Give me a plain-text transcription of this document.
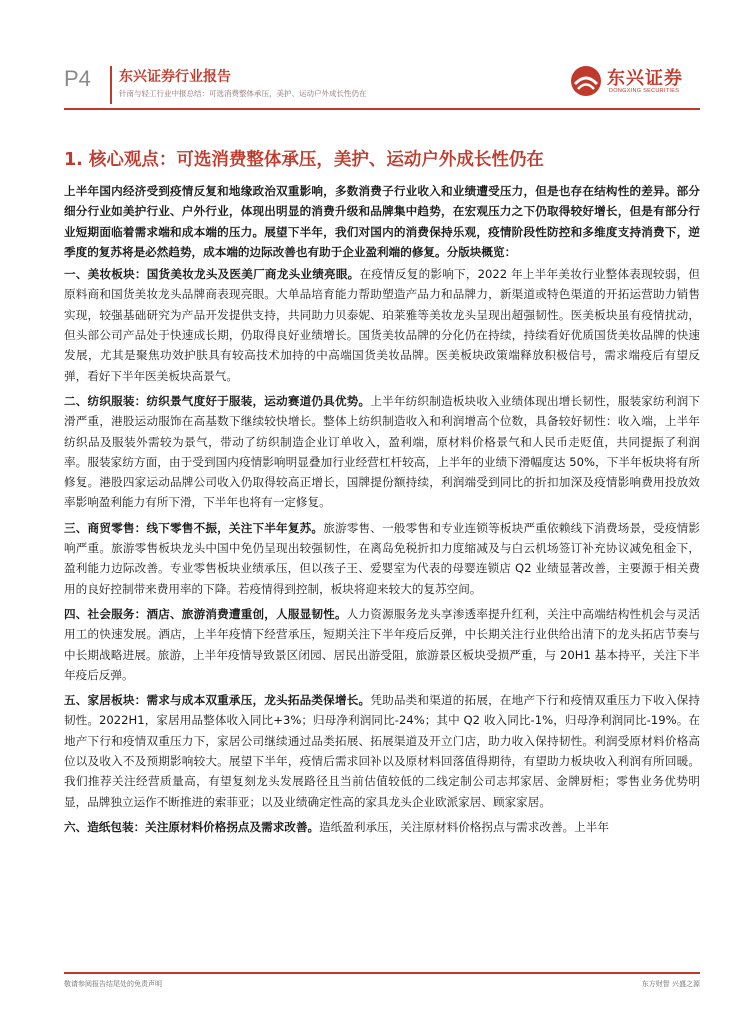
P4 东兴证券行业报告
针南与轻工行业中报总结：可选消费整体承压，美护、运动户外成长性仍在
东兴证券
DONGXING SECURITIES
1. 核心观点：可选消费整体承压，美护、运动户外成长性仍在

上半年国内经济受到疫情反复和地缘政治双重影响，多数消费子行业收入和业绩遭受压力，但是也存在结构性的差异。部分细分行业如美护行业、户外行业，体现出明显的消费升级和品牌集中趋势，在宏观压力之下仍取得较好增长，但是有部分行业短期面临着需求端和成本端的压力。展望下半年，我们对国内的消费保持乐观，疫情阶段性防控和多维度支持消费下，逆季度的复苏将是必然趋势，成本端的边际改善也有助于企业盈利端的修复。分版块概览：

一、美妆板块：国货美妆龙头及医美厂商龙头业绩亮眼。在疫情反复的影响下，2022 年上半年美妆行业整体表现较弱，但原料商和国货美妆龙头品牌商表现亮眼。大单品培育能力帮助塑造产品力和品牌力，新渠道或特色渠道的开拓运营助力销售实现，较强基础研究为产品开发提供支持，共同助力贝泰妮、珀莱雅等美妆龙头呈现出超强韧性。医美板块虽有疫情扰动，但头部公司产品处于快速成长期，仍取得良好业绩增长。国货美妆品牌的分化仍在持续，持续看好优质国货美妆品牌的快速发展，尤其是聚焦功效护肤具有较高技术加持的中高端国货美妆品牌。医美板块政策端释放积极信号，需求端疫后有望反弹，看好下半年医美板块高景气。

二、纺织服装：纺织景气度好于服装，运动赛道仍具优势。上半年纺织制造板块收入业绩体现出增长韧性，服装家纺利润下滑严重，港股运动服饰在高基数下继续较快增长。整体上纺织制造收入和利润增高个位数，具备较好韧性：收入端，上半年纺织品及服装外需较为景气，带动了纺织制造企业订单收入，盈利端，原材料价格景气和人民币走贬值，共同提振了利润率。服装家纺方面，由于受到国内疫情影响明显叠加行业经营杠杆较高，上半年的业绩下滑幅度达 50%，下半年板块将有所修复。港股四家运动品牌公司收入仍取得较高正增长，国牌提份额持续，利润端受到同比的折扣加深及疫情影响费用投放效率影响盈利能力有所下滑，下半年也将有一定修复。

三、商贸零售：线下零售不振，关注下半年复苏。旅游零售、一般零售和专业连锁等板块严重依赖线下消费场景，受疫情影响严重。旅游零售板块龙头中国中免仍呈现出较强韧性，在离岛免税折扣力度缩减及与白云机场签订补充协议减免租金下，盈利能力边际改善。专业零售板块业绩承压，但以孩子王、爱婴室为代表的母婴连锁店 Q2 业绩显著改善，主要源于相关费用的良好控制带来费用率的下降。若疫情得到控制，板块将迎来较大的复苏空间。

四、社会服务：酒店、旅游消费遭重创，人服显韧性。人力资源服务龙头享渗透率提升红利，关注中高端结构性机会与灵活用工的快速发展。酒店，上半年疫情下经营承压，短期关注下半年疫后反弹，中长期关注行业供给出清下的龙头拓店节奏与中长期战略进展。旅游，上半年疫情导致景区闭园、居民出游受阻，旅游景区板块受损严重，与 20H1 基本持平，关注下半年疫后反弹。

五、家居板块：需求与成本双重承压，龙头拓品类保增长。凭助品类和渠道的拓展，在地产下行和疫情双重压力下收入保持韧性。2022H1，家居用品整体收入同比+3%；归母净利润同比-24%；其中 Q2 收入同比-1%，归母净利润同比-19%。在地产下行和疫情双重压力下，家居公司继续通过品类拓展、拓展渠道及开立门店，助力收入保持韧性。利润受原材料价格高位以及收入不及预期影响较大。展望下半年，疫情后需求回补以及原材料回落值得期待，有望助力板块收入利润有所回暖。我们推荐关注经营质量高，有望复刻龙头发展路径且当前估值较低的二线定制公司志邦家居、金牌厨柜；零售业务优势明显，品牌独立运作不断推进的索菲亚；以及业绩确定性高的家具龙头企业欧派家居、顾家家居。

六、造纸包装：关注原材料价格拐点及需求改善。造纸盈利承压，关注原材料价格拐点与需求改善。上半年

敬请参阅报告结尾处的免责声明	东方财智 兴盛之源
